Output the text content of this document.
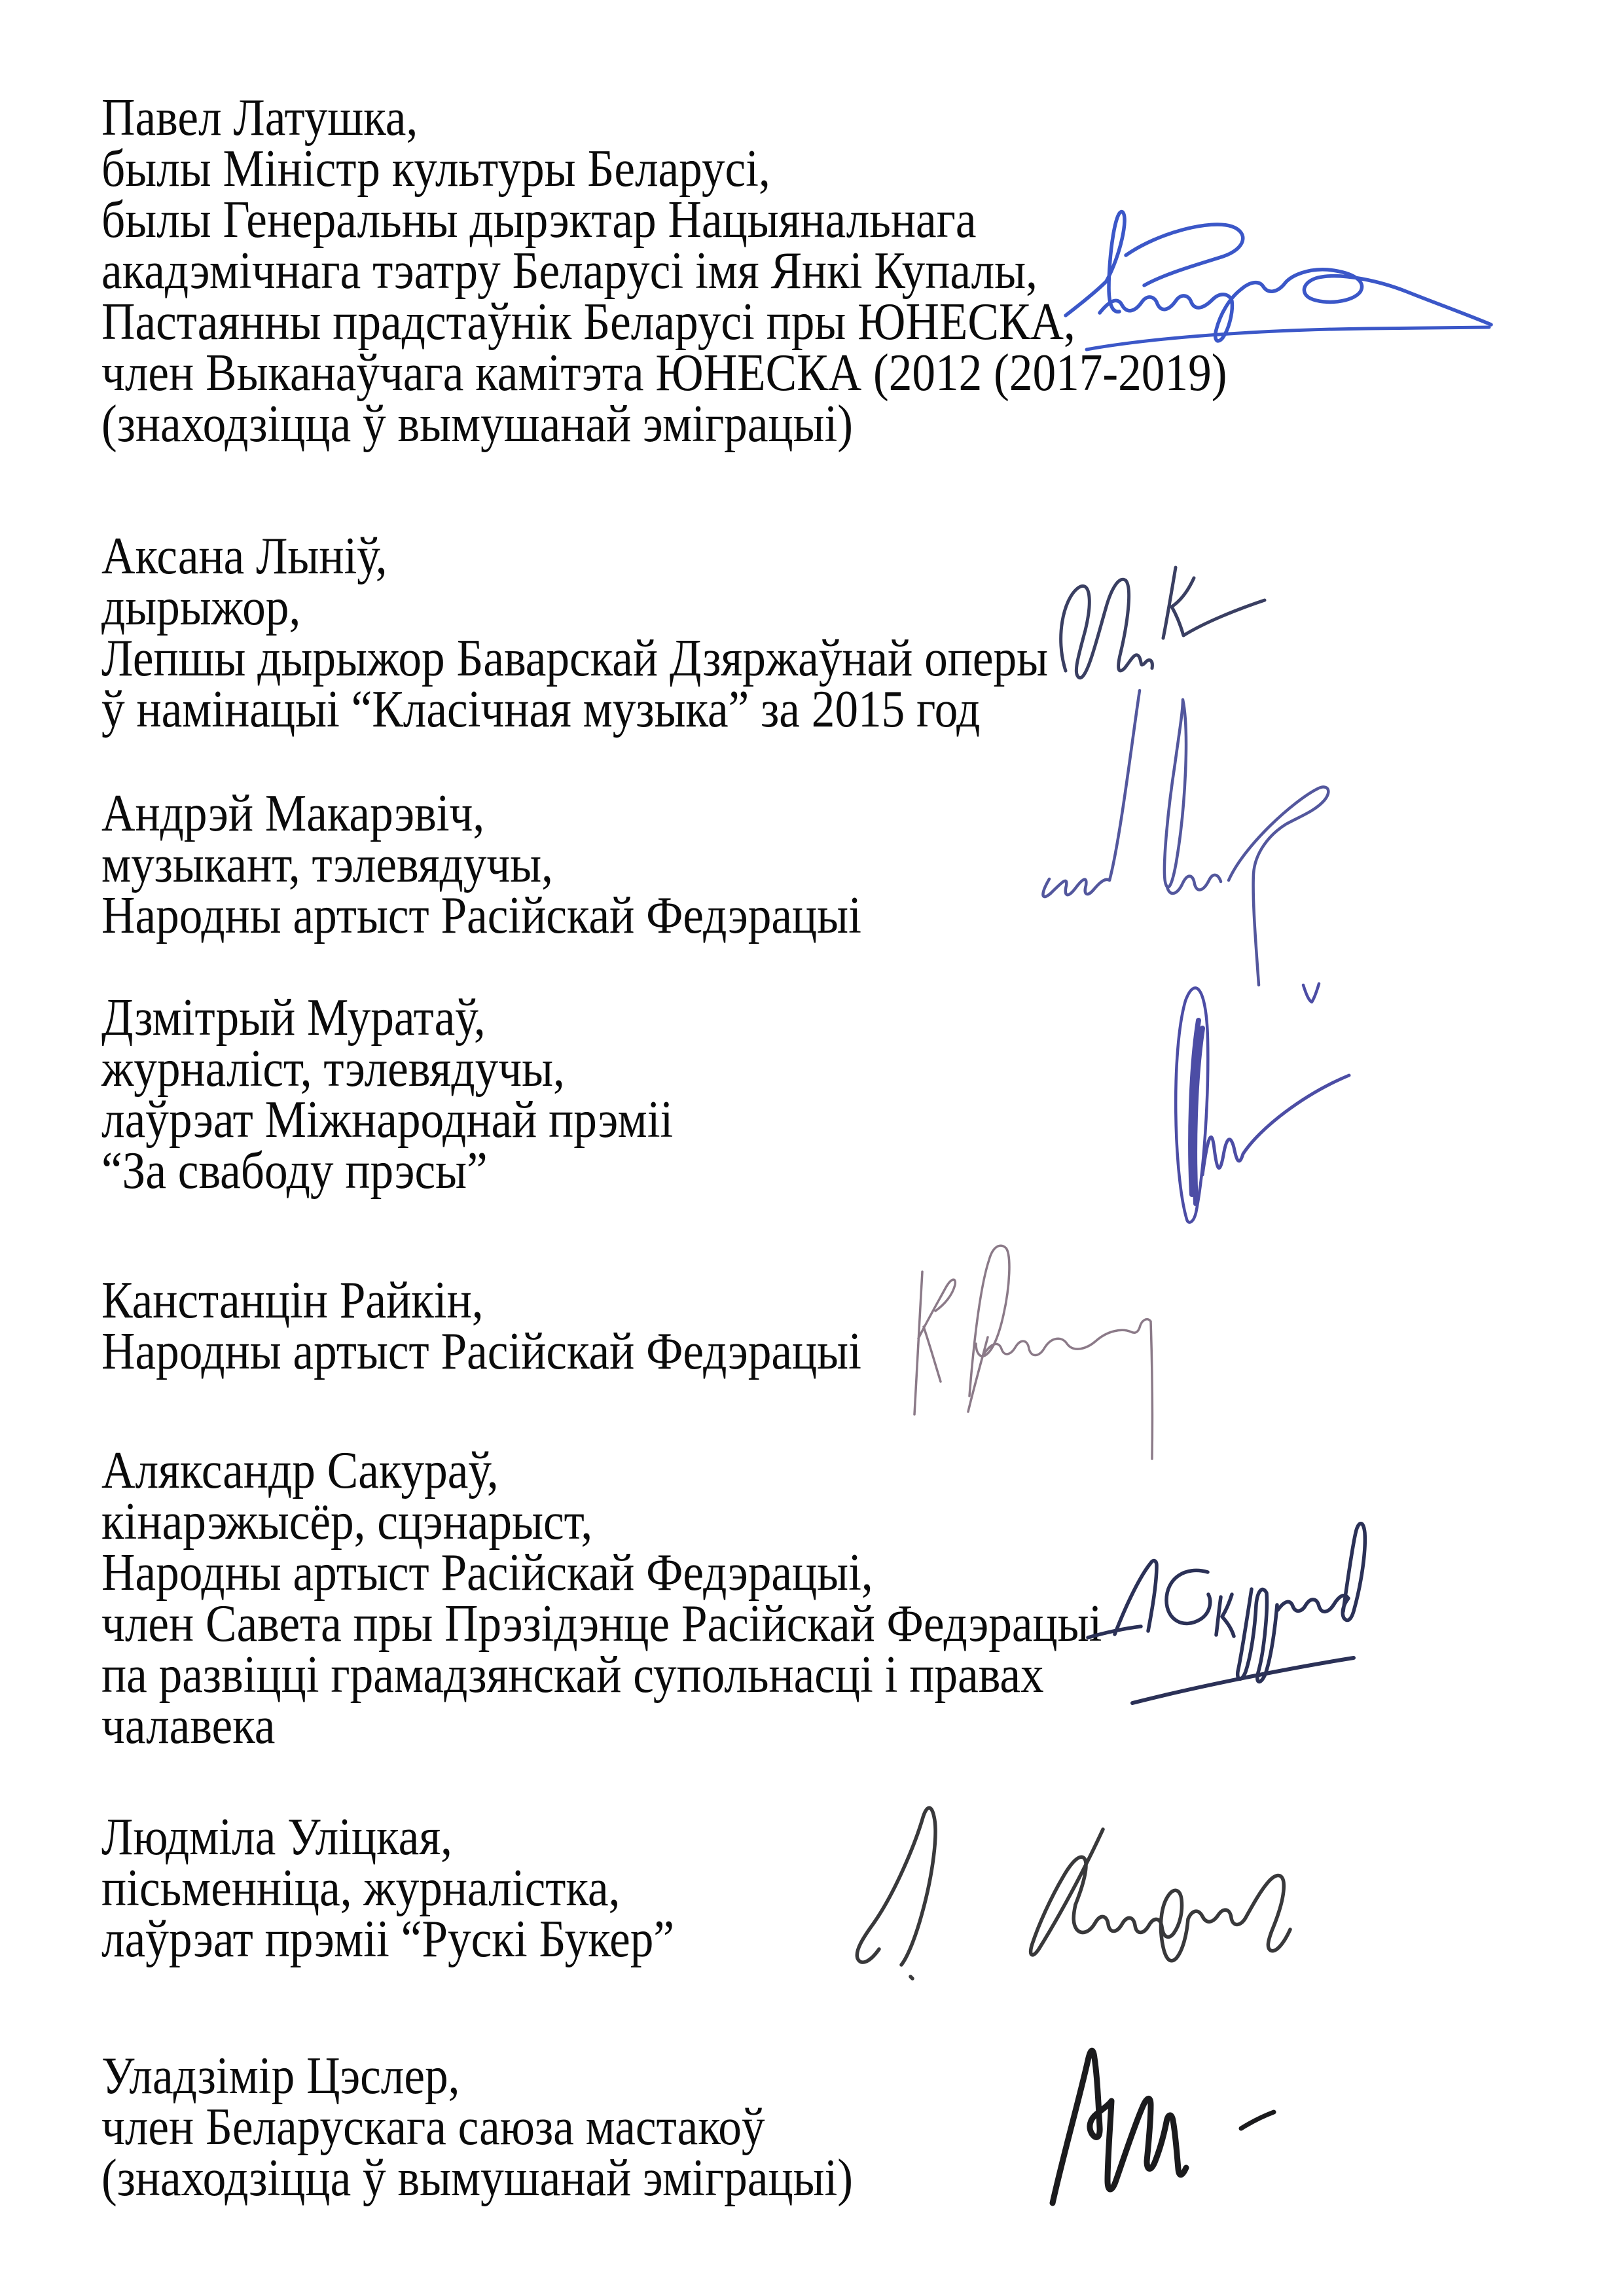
Павел Латушка,
былы Міністр культуры Беларусі,
былы Генеральны дырэктар Нацыянальнага
акадэмічнага тэатру Беларусі імя Янкі Купалы,
Пастаянны прадстаўнік Беларусі пры ЮНЕСКА,
член Выканаўчага камітэта ЮНЕСКА (2012 (2017-2019)
(знаходзіцца ў вымушанай эміграцыі)
Аксана Лыніў,
дырыжор,
Лепшы дырыжор Баварскай Дзяржаўнай оперы
ў намінацыі “Класічная музыка” за 2015 год
Андрэй Макарэвіч,
музыкант, тэлевядучы,
Народны артыст Расійскай Федэрацыі
Дзмітрый Муратаў,
журналіст, тэлевядучы,
лаўрэат Міжнароднай прэміі
“За свабоду прэсы”
Канстанцін Райкін,
Народны артыст Расійскай Федэрацыі
Аляксандр Сакураў,
кінарэжысёр, сцэнарыст,
Народны артыст Расійскай Федэрацыі,
член Савета пры Прэзідэнце Расійскай Федэрацыі
па развіцці грамадзянскай супольнасці і правах
чалавека
Людміла Уліцкая,
пісьменніца, журналістка,
лаўрэат прэміі “Рускі Букер”
Уладзімір Цэслер,
член Беларускага саюза мастакоў
(знаходзіцца ў вымушанай эміграцыі)
